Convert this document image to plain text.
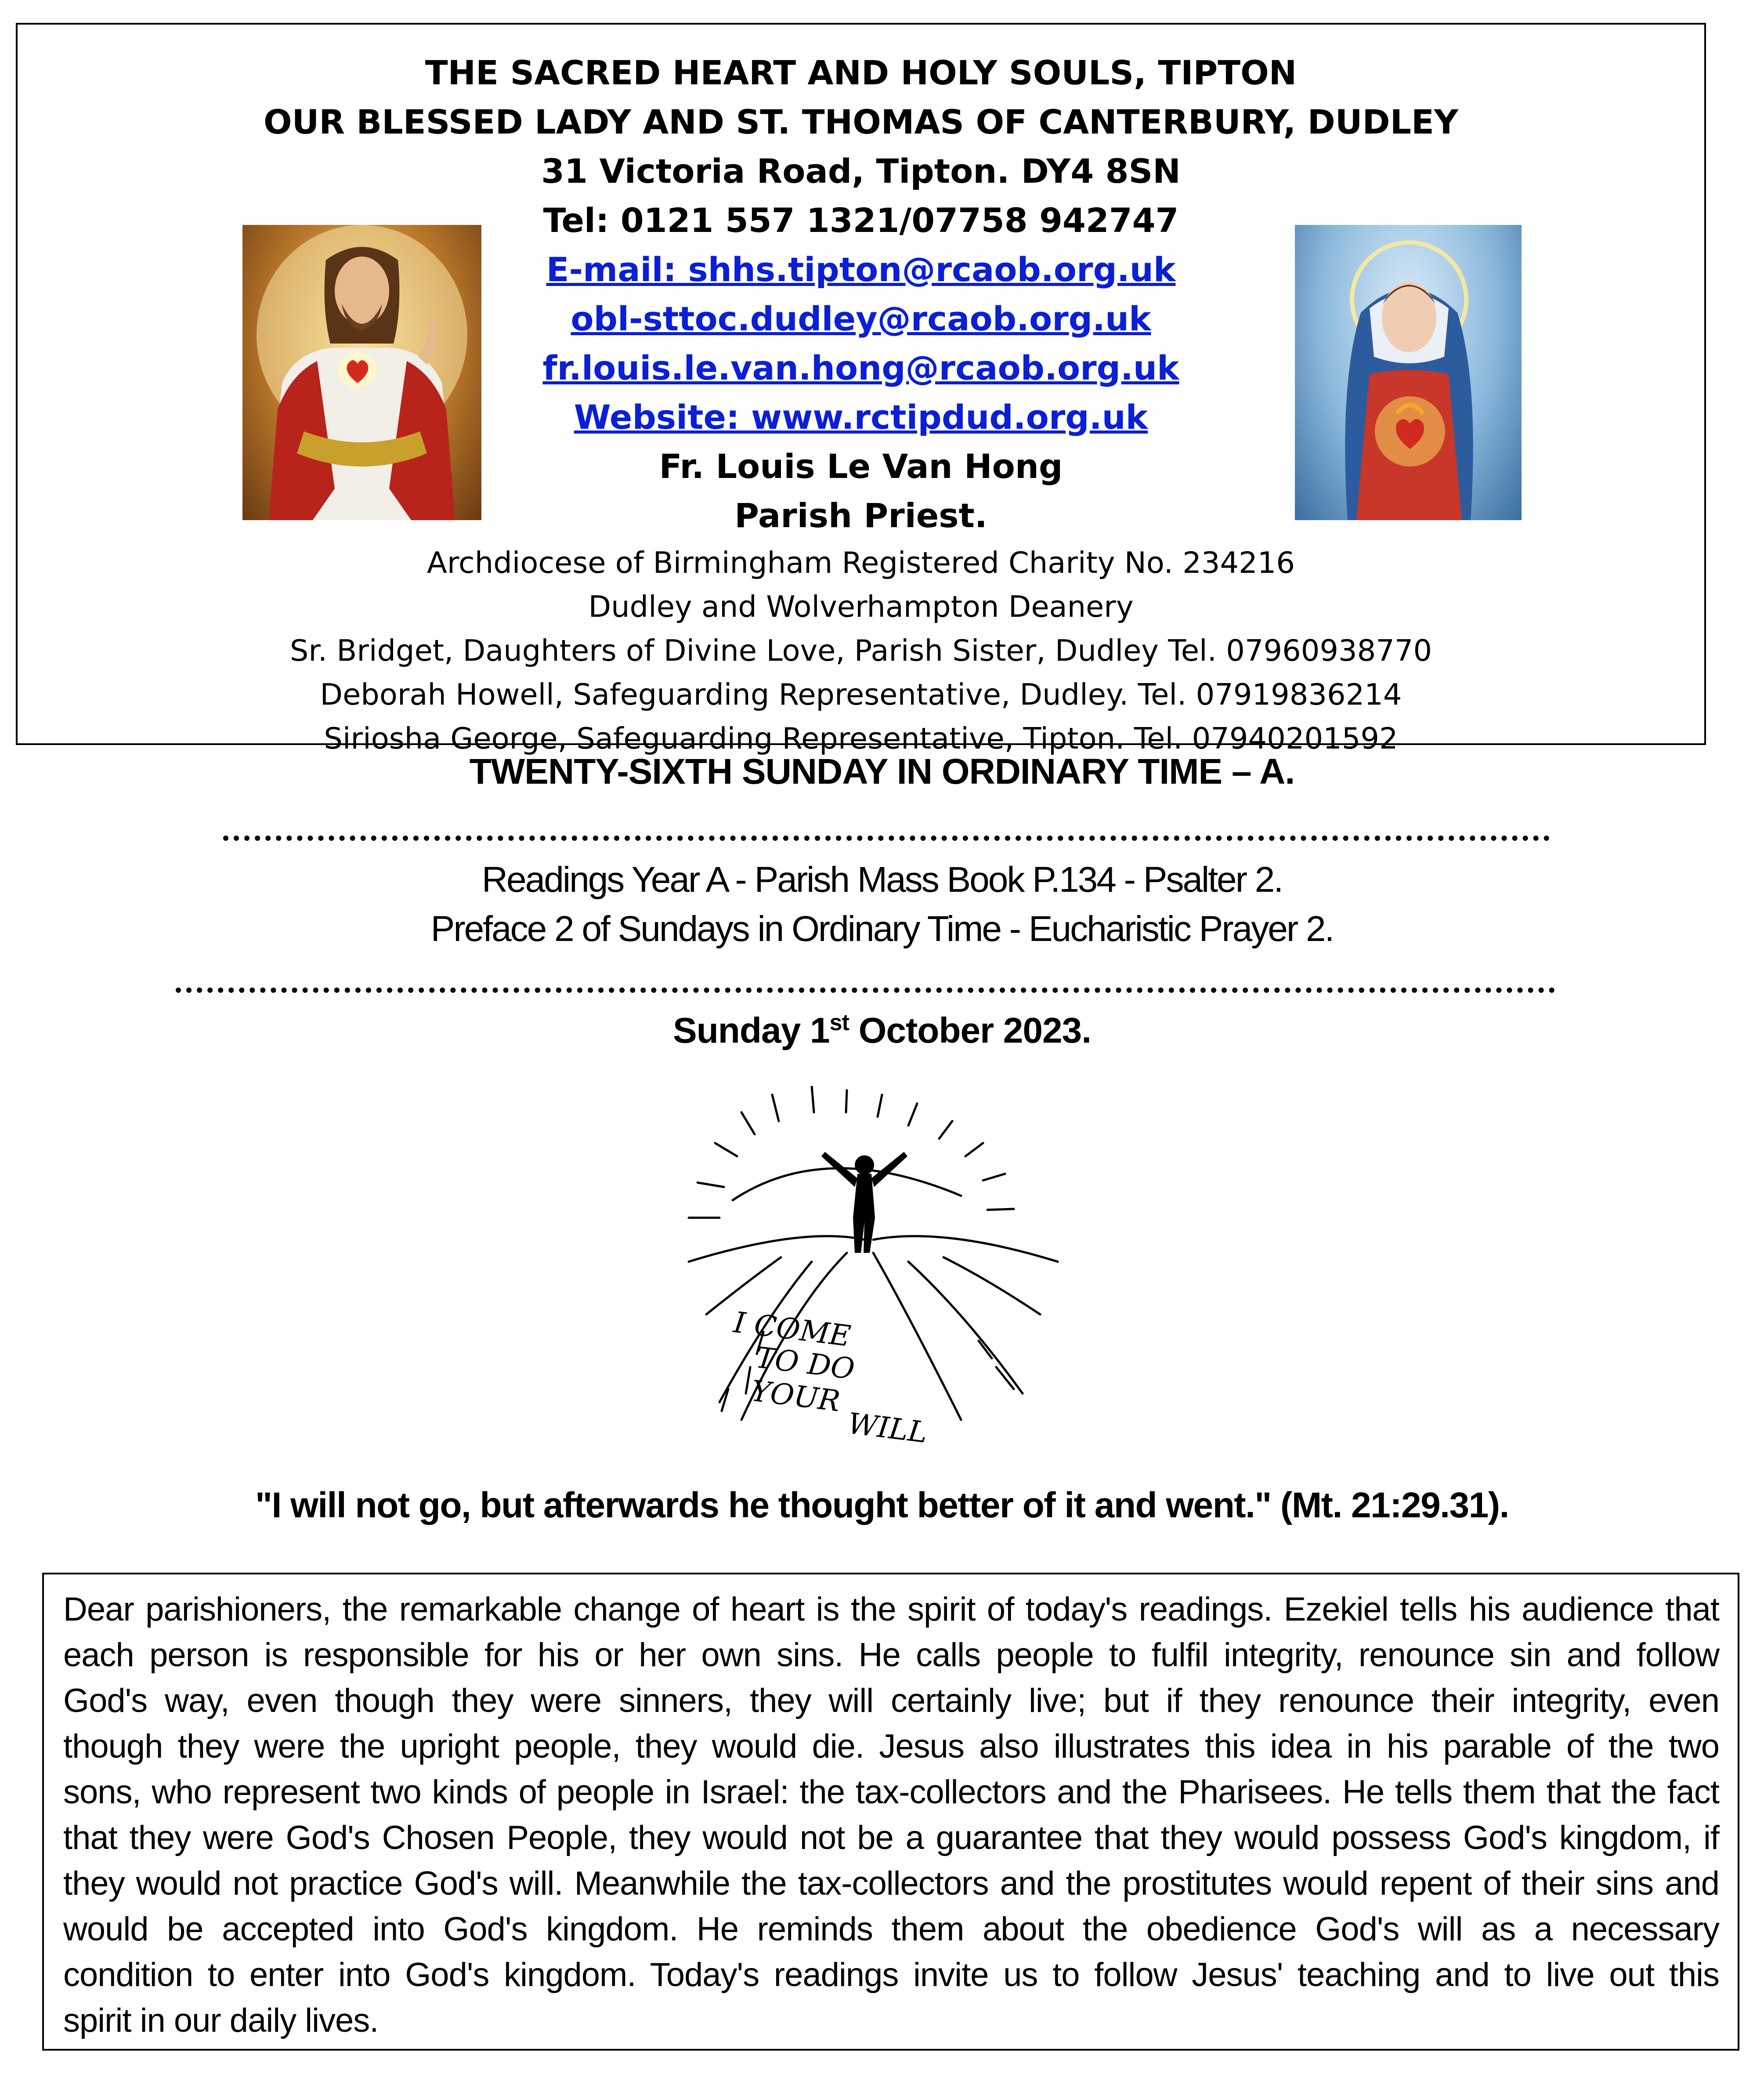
THE SACRED HEART AND HOLY SOULS, TIPTON
OUR BLESSED LADY AND ST. THOMAS OF CANTERBURY, DUDLEY
31 Victoria Road, Tipton. DY4 8SN
Tel: 0121 557 1321/07758 942747
E-mail: shhs.tipton@rcaob.org.uk
obl-sttoc.dudley@rcaob.org.uk
fr.louis.le.van.hong@rcaob.org.uk
Website: www.rctipdud.org.uk
Fr. Louis Le Van Hong
Parish Priest.
Archdiocese of Birmingham Registered Charity No. 234216
Dudley and Wolverhampton Deanery
Sr. Bridget, Daughters of Divine Love, Parish Sister, Dudley Tel. 07960938770
Deborah Howell, Safeguarding Representative, Dudley. Tel. 07919836214
Siriosha George, Safeguarding Representative, Tipton. Tel. 07940201592
TWENTY-SIXTH SUNDAY IN ORDINARY TIME – A.
Readings Year A - Parish Mass Book P.134 - Psalter 2.
Preface 2 of Sundays in Ordinary Time - Eucharistic Prayer 2.
Sunday 1st October 2023.
I COME
TO DO
YOUR
WILL
"I will not go, but afterwards he thought better of it and went." (Mt. 21:29.31).
Dear parishioners, the remarkable change of heart is the spirit of today's readings. Ezekiel tells his audience that
each person is responsible for his or her own sins. He calls people to fulfil integrity, renounce sin and follow
God's way, even though they were sinners, they will certainly live; but if they renounce their integrity, even
though they were the upright people, they would die. Jesus also illustrates this idea in his parable of the two
sons, who represent two kinds of people in Israel: the tax-collectors and the Pharisees. He tells them that the fact
that they were God's Chosen People, they would not be a guarantee that they would possess God's kingdom, if
they would not practice God's will. Meanwhile the tax-collectors and the prostitutes would repent of their sins and
would be accepted into God's kingdom. He reminds them about the obedience God's will as a necessary
condition to enter into God's kingdom. Today's readings invite us to follow Jesus' teaching and to live out this
spirit in our daily lives.
